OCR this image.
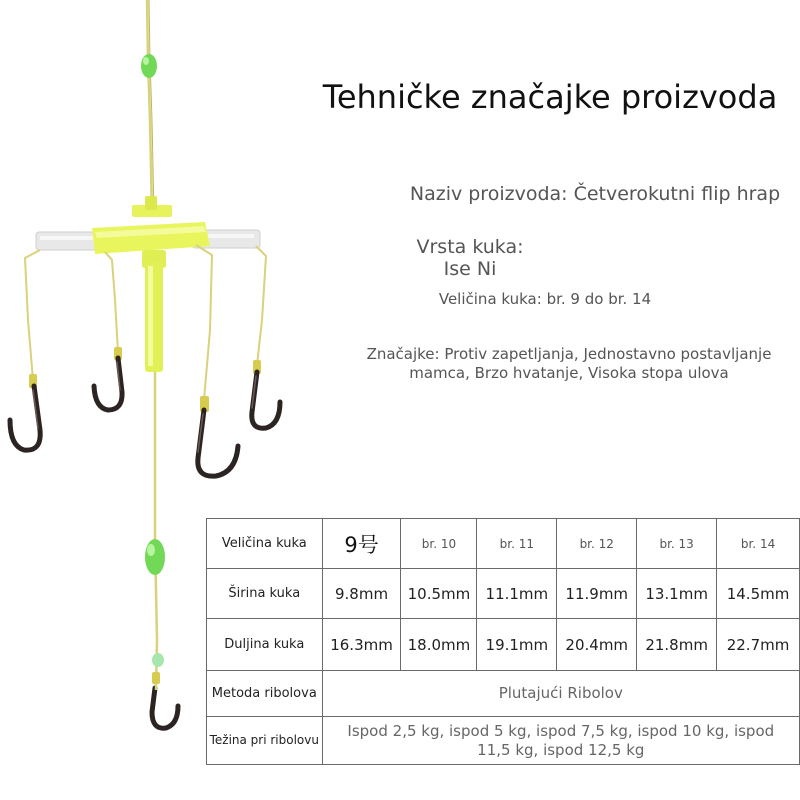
Tehničke značajke proizvoda
Naziv proizvoda: Četverokutni flip hrap
Vrsta kuka: Ise Ni
Veličina kuka: br. 9 do br. 14
Značajke: Protiv zapetljanja, Jednostavno postavljanje mamca, Brzo hvatanje, Visoka stopa ulova
Veličina kuka	9号	br. 10	br. 11	br. 12	br. 13	br. 14
Širina kuka	9.8mm	10.5mm	11.1mm	11.9mm	13.1mm	14.5mm
Duljina kuka	16.3mm	18.0mm	19.1mm	20.4mm	21.8mm	22.7mm
Metoda ribolova	Plutajući Ribolov					

Težina pri ribolovu	Ispod 2,5 kg, ispod 5 kg, ispod 7,5 kg, ispod 10 kg, ispod 11,5 kg, ispod 12,5 kg					
